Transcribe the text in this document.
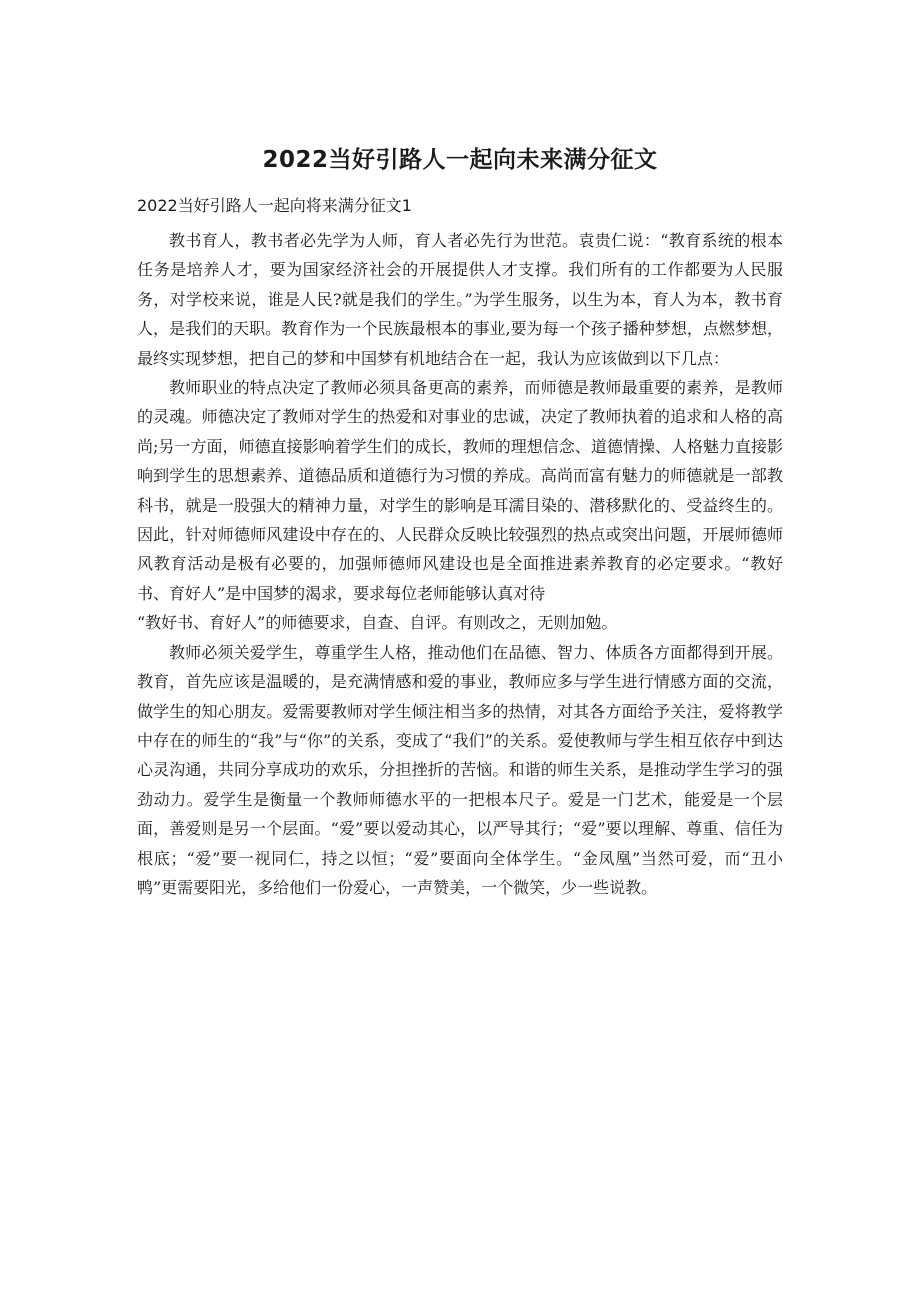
2022当好引路人一起向未来满分征文

2022当好引路人一起向将来满分征文1

教书育人，教书者必先学为人师，育人者必先行为世范。袁贵仁说：“教育系统的根本任务是培养人才，要为国家经济社会的开展提供人才支撑。我们所有的工作都要为人民服务，对学校来说，谁是人民?就是我们的学生。”为学生服务，以生为本，育人为本，教书育人，是我们的天职。教育作为一个民族最根本的事业,要为每一个孩子播种梦想，点燃梦想，最终实现梦想，把自己的梦和中国梦有机地结合在一起，我认为应该做到以下几点：

教师职业的特点决定了教师必须具备更高的素养，而师德是教师最重要的素养，是教师的灵魂。师德决定了教师对学生的热爱和对事业的忠诚，决定了教师执着的追求和人格的高尚;另一方面，师德直接影响着学生们的成长，教师的理想信念、道德情操、人格魅力直接影响到学生的思想素养、道德品质和道德行为习惯的养成。高尚而富有魅力的师德就是一部教科书，就是一股强大的精神力量，对学生的影响是耳濡目染的、潜移默化的、受益终生的。因此，针对师德师风建设中存在的、人民群众反映比较强烈的热点或突出问题，开展师德师风教育活动是极有必要的，加强师德师风建设也是全面推进素养教育的必定要求。“教好书、育好人”是中国梦的渴求，要求每位老师能够认真对待

“教好书、育好人”的师德要求，自查、自评。有则改之，无则加勉。

教师必须关爱学生，尊重学生人格，推动他们在品德、智力、体质各方面都得到开展。教育，首先应该是温暖的，是充满情感和爱的事业，教师应多与学生进行情感方面的交流，做学生的知心朋友。爱需要教师对学生倾注相当多的热情，对其各方面给予关注，爱将教学中存在的师生的“我”与“你”的关系，变成了“我们”的关系。爱使教师与学生相互依存中到达心灵沟通，共同分享成功的欢乐，分担挫折的苦恼。和谐的师生关系，是推动学生学习的强劲动力。爱学生是衡量一个教师师德水平的一把根本尺子。爱是一门艺术，能爱是一个层面，善爱则是另一个层面。“爱”要以爱动其心，以严导其行；“爱”要以理解、尊重、信任为根底；“爱”要一视同仁，持之以恒；“爱”要面向全体学生。“金凤凰”当然可爱，而“丑小鸭”更需要阳光，多给他们一份爱心，一声赞美，一个微笑，少一些说教。
